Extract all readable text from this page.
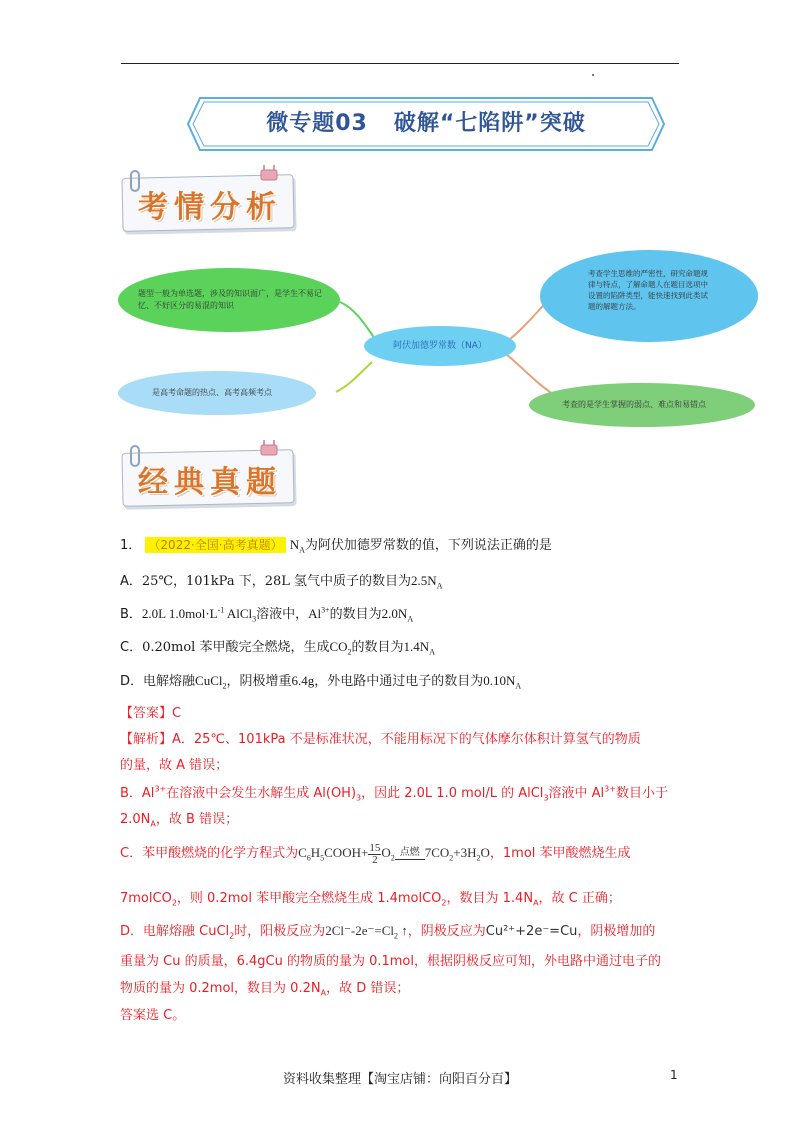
微专题03   破解“七陷阱”突破
考情分析
题型一般为单选题，涉及的知识面广，是学生不易记忆、不好区分的易混的知识
阿伏加德罗常数（NA）
是高考命题的热点、高考高频考点
考查学生思维的严密性，研究命题规律与特点，了解命题人在题目选项中设置的陷阱类型，能快速找到此类试题的解题方法。
考查的是学生掌握的弱点、难点和易错点
经典真题
1． （2022·全国·高考真题） $N_A$为阿伏加德罗常数的值，下列说法正确的是
A．25℃，101kPa 下，28L 氢气中质子的数目为$2.5N_A$
B．2.0L $1.0mol\cdot L^{-1}$ AlCl$_3$溶液中，$Al^{3+}$的数目为$2.0N_A$
C．0.20mol 苯甲酸完全燃烧，生成$CO_2$的数目为$1.4N_A$
D．电解熔融CuCl$_2$，阴极增重6.4g，外电路中通过电子的数目为$0.10N_A$
【答案】C
【解析】A．25℃、101kPa 不是标准状况，不能用标况下的气体摩尔体积计算氢气的物质
的量，故 A 错误；
B．$Al^{3+}$在溶液中会发生水解生成 $Al(OH)_3$，因此 2.0L 1.0 mol/L 的 AlCl$_3$溶液中 $Al^{3+}$数目小于
$2.0N_A$，故 B 错误；
C．苯甲酸燃烧的化学方程式为$C_6H_5COOH+ \frac{15}{2} O_2$
点燃 $7CO_2+3H_2O$，1mol 苯甲酸燃烧生成
7molCO$_2$，则 0.2mol 苯甲酸完全燃烧生成 1.4molCO$_2$，数目为 $1.4N_A$，故 C 正确；
D．电解熔融 CuCl$_2$时，阳极反应为$2Cl^--2e^-=Cl_2$ ↑，阴极反应为Cu²⁺+2e⁻=Cu，阴极增加的
重量为 Cu 的质量，6.4gCu 的物质的量为 0.1mol，根据阴极反应可知，外电路中通过电子的
物质的量为 0.2mol，数目为 $0.2N_A$，故 D 错误；
答案选 C。
资料收集整理【淘宝店铺：向阳百分百】	1
